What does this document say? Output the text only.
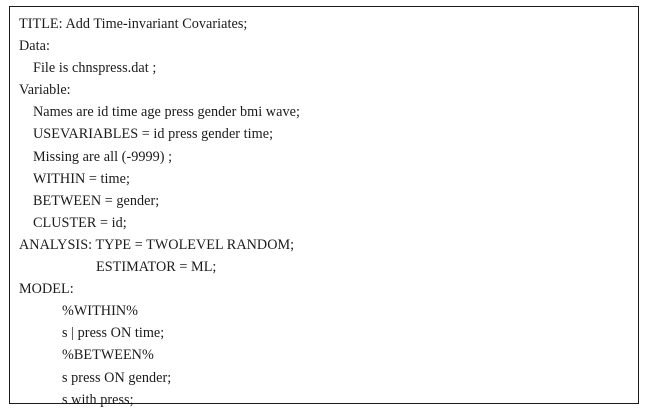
TITLE: Add Time-invariant Covariates;
Data:
File is chnspress.dat ;
Variable:
Names are id time age press gender bmi wave;
USEVARIABLES = id press gender time;
Missing are all (-9999) ;
WITHIN = time;
BETWEEN = gender;
CLUSTER = id;
ANALYSIS: TYPE = TWOLEVEL RANDOM;
ESTIMATOR = ML;
MODEL:
%WITHIN%
s | press ON time;
%BETWEEN%
s press ON gender;
s with press;
